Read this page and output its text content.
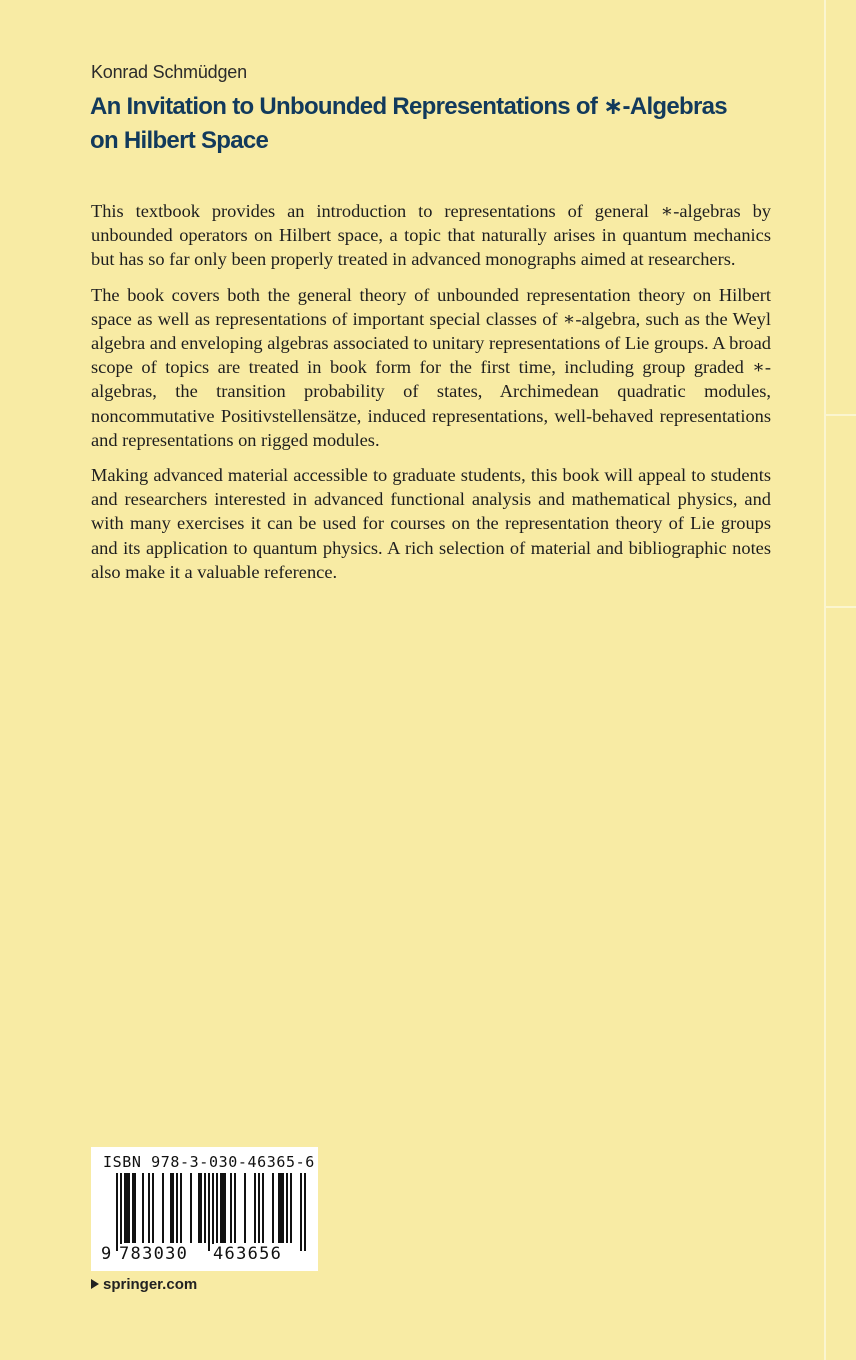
Konrad Schmüdgen
An Invitation to Unbounded Representations of ∗-Algebras on Hilbert Space

This textbook provides an introduction to representations of general ∗-algebras by unbounded operators on Hilbert space, a topic that naturally arises in quantum mechanics but has so far only been properly treated in advanced monographs aimed at researchers.

The book covers both the general theory of unbounded representation theory on Hilbert space as well as representations of important special classes of ∗-algebra, such as the Weyl algebra and enveloping algebras associated to unitary representations of Lie groups. A broad scope of topics are treated in book form for the first time, including group graded ∗-algebras, the transition probability of states, Archimedean quadratic modules, noncommutative Positivstellensätze, induced representations, well-behaved representations and representations on rigged modules.

Making advanced material accessible to graduate students, this book will appeal to students and researchers interested in advanced functional analysis and mathematical physics, and with many exercises it can be used for courses on the representation theory of Lie groups and its application to quantum physics. A rich selection of material and bibliographic notes also make it a valuable reference.

ISBN 978-3-030-46365-6
9 783030 463656
springer.com
